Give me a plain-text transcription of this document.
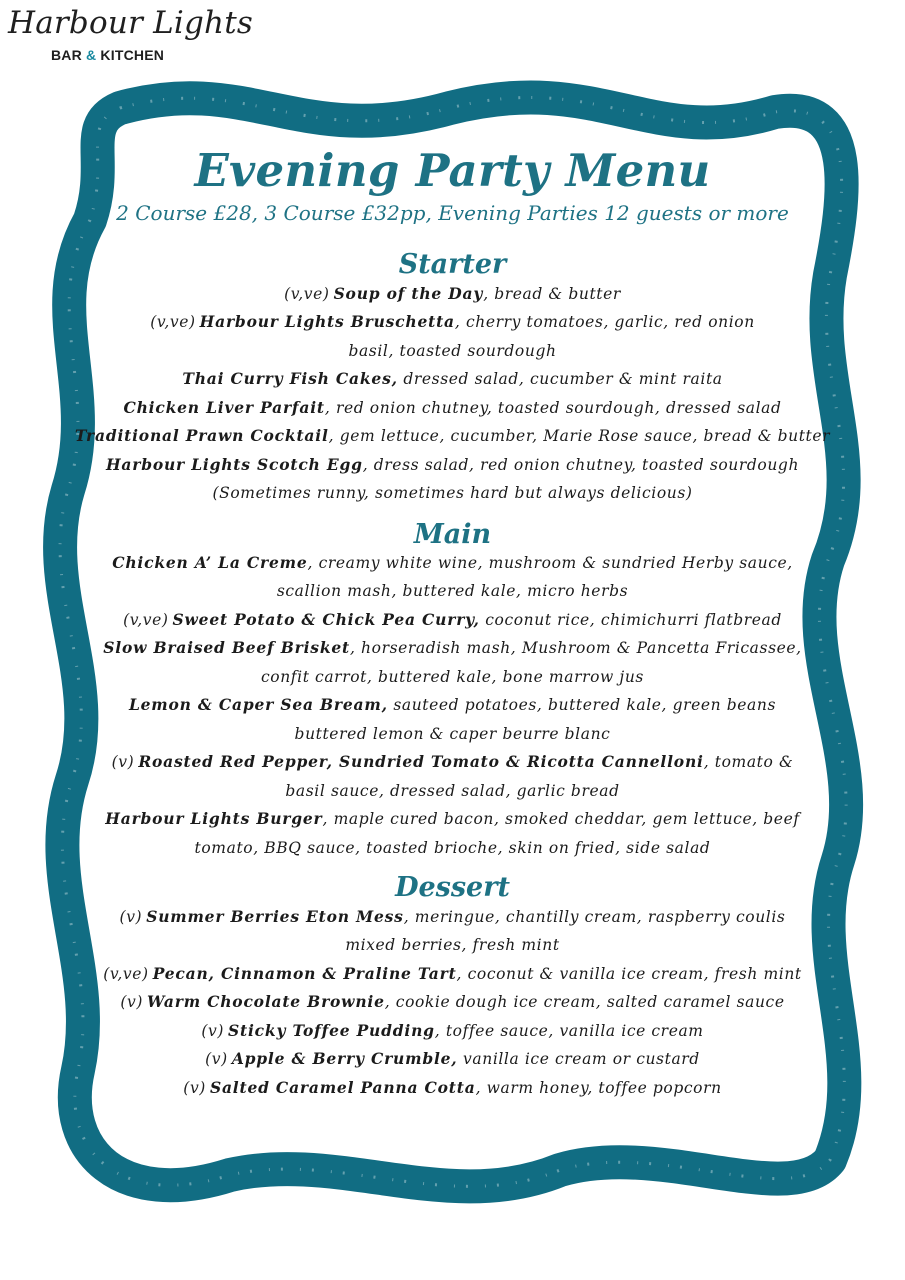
Harbour Lights
BAR & KITCHEN
Evening Party Menu

2 Course £28, 3 Course £32pp, Evening Parties 12 guests or more

Starter

(v,ve) Soup of the Day, bread & butter

(v,ve) Harbour Lights Bruschetta, cherry tomatoes, garlic, red onion

basil, toasted sourdough

Thai Curry Fish Cakes, dressed salad, cucumber & mint raita

Chicken Liver Parfait, red onion chutney, toasted sourdough, dressed salad

Traditional Prawn Cocktail, gem lettuce, cucumber, Marie Rose sauce, bread & butter

Harbour Lights Scotch Egg, dress salad, red onion chutney, toasted sourdough

(Sometimes runny, sometimes hard but always delicious)

Main

Chicken A’ La Creme, creamy white wine, mushroom & sundried Herby sauce,

scallion mash, buttered kale, micro herbs

(v,ve) Sweet Potato & Chick Pea Curry, coconut rice, chimichurri flatbread

Slow Braised Beef Brisket, horseradish mash, Mushroom & Pancetta Fricassee,

confit carrot, buttered kale, bone marrow jus

Lemon & Caper Sea Bream, sauteed potatoes, buttered kale, green beans

buttered lemon & caper beurre blanc

(v) Roasted Red Pepper, Sundried Tomato & Ricotta Cannelloni, tomato &

basil sauce, dressed salad, garlic bread

Harbour Lights Burger, maple cured bacon, smoked cheddar, gem lettuce, beef

tomato, BBQ sauce, toasted brioche, skin on fried, side salad

Dessert

(v) Summer Berries Eton Mess, meringue, chantilly cream, raspberry coulis

mixed berries, fresh mint

(v,ve) Pecan, Cinnamon & Praline Tart, coconut & vanilla ice cream, fresh mint

(v) Warm Chocolate Brownie, cookie dough ice cream, salted caramel sauce

(v) Sticky Toffee Pudding, toffee sauce, vanilla ice cream

(v) Apple & Berry Crumble, vanilla ice cream or custard

(v) Salted Caramel Panna Cotta, warm honey, toffee popcorn
